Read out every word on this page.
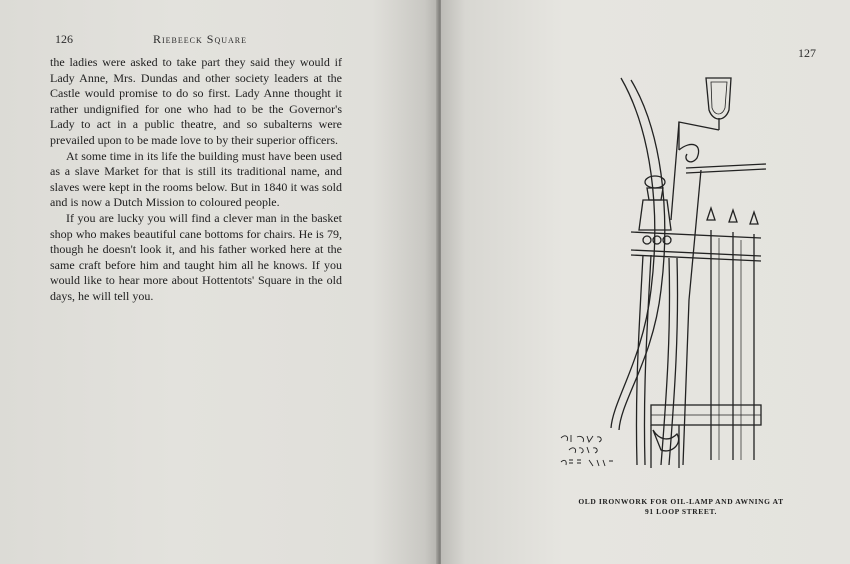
126	Riebeeck Square

the ladies were asked to take part they said they would if Lady Anne, Mrs. Dundas and other society leaders at the Castle would promise to do so first. Lady Anne thought it rather undignified for one who had to be the Governor's Lady to act in a public theatre, and so subalterns were prevailed upon to be made love to by their superior officers.

At some time in its life the building must have been used as a slave Market for that is still its traditional name, and slaves were kept in the rooms below. But in 1840 it was sold and is now a Dutch Mission to coloured people.

If you are lucky you will find a clever man in the basket shop who makes beautiful cane bottoms for chairs. He is 79, though he doesn't look it, and his father worked here at the same craft before him and taught him all he knows. If you would like to hear more about Hottentots' Square in the old days, he will tell you.

127
OLD IRONWORK FOR OIL-LAMP AND AWNING AT
91 LOOP STREET.
